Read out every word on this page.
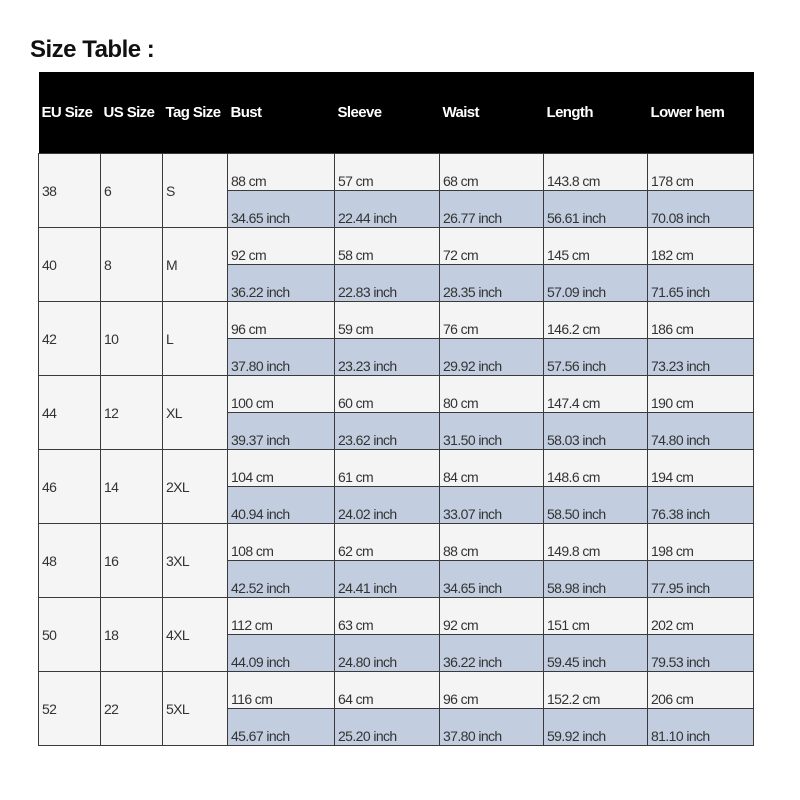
Size Table :
EU Size	US Size	Tag Size	Bust	Sleeve	Waist	Length	Lower hem
38	6	S	88 cm	57 cm	68 cm	143.8 cm	178 cm
			34.65 inch	22.44 inch	26.77 inch	56.61 inch	70.08 inch
40	8	M	92 cm	58 cm	72 cm	145 cm	182 cm
			36.22 inch	22.83 inch	28.35 inch	57.09 inch	71.65 inch
42	10	L	96 cm	59 cm	76 cm	146.2 cm	186 cm
			37.80 inch	23.23 inch	29.92 inch	57.56 inch	73.23 inch
44	12	XL	100 cm	60 cm	80 cm	147.4 cm	190 cm
			39.37 inch	23.62 inch	31.50 inch	58.03 inch	74.80 inch
46	14	2XL	104 cm	61 cm	84 cm	148.6 cm	194 cm
			40.94 inch	24.02 inch	33.07 inch	58.50 inch	76.38 inch
48	16	3XL	108 cm	62 cm	88 cm	149.8 cm	198 cm
			42.52 inch	24.41 inch	34.65 inch	58.98 inch	77.95 inch
50	18	4XL	112 cm	63 cm	92 cm	151 cm	202 cm
			44.09 inch	24.80 inch	36.22 inch	59.45 inch	79.53 inch
52	22	5XL	116 cm	64 cm	96 cm	152.2 cm	206 cm
			45.67 inch	25.20 inch	37.80 inch	59.92 inch	81.10 inch
